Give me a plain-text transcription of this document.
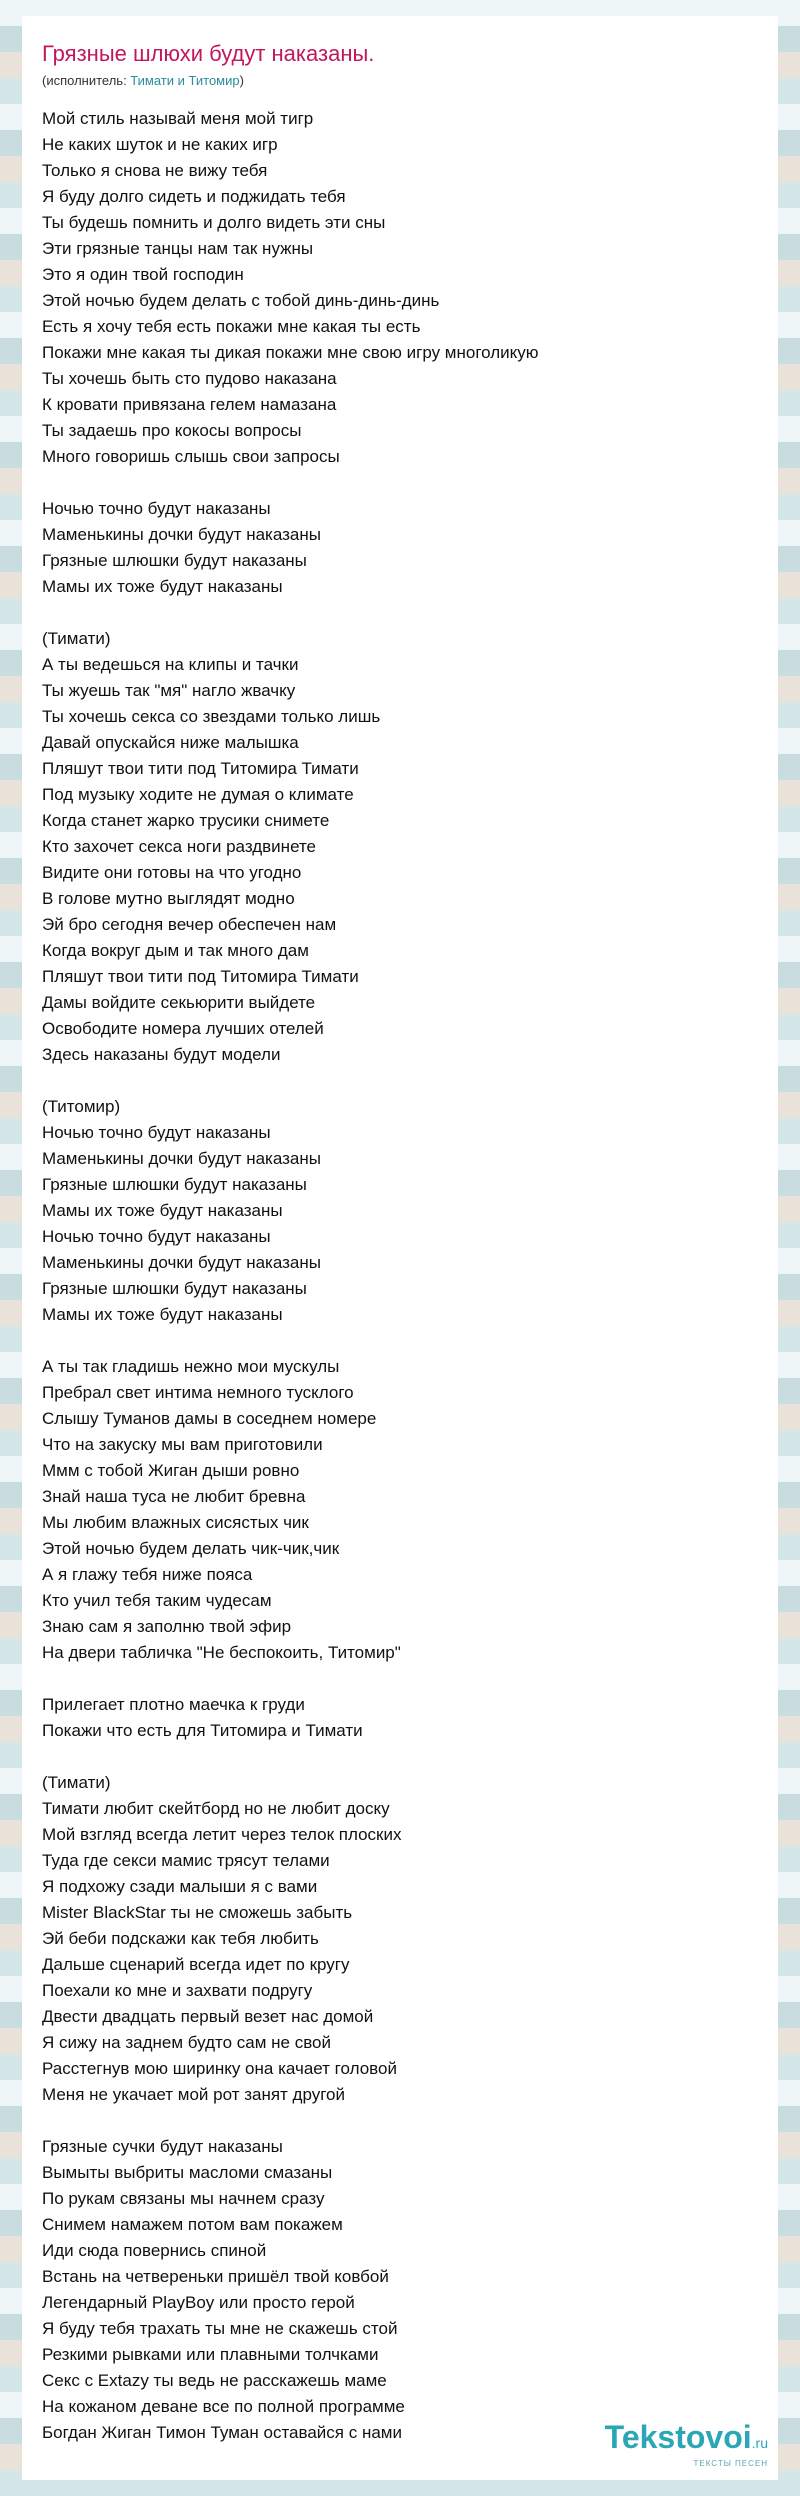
Грязные шлюхи будут наказаны.
(исполнитель: Тимати и Титомир)
Мой стиль называй меня мой тигр
Не каких шуток и не каких игр
Только я снова не вижу тебя
Я буду долго сидеть и поджидать тебя
Ты будешь помнить и долго видеть эти сны
Эти грязные танцы нам так нужны
Это я один твой господин
Этой ночью будем делать с тобой динь-динь-динь
Есть я хочу тебя есть покажи мне какая ты есть
Покажи мне какая ты дикая покажи мне свою игру многоликую
Ты хочешь быть сто пудово наказана
К кровати привязана гелем намазана
Ты задаешь про кокосы вопросы
Много говоришь слышь свои запросы
Ночью точно будут наказаны
Маменькины дочки будут наказаны
Грязные шлюшки будут наказаны
Мамы их тоже будут наказаны
(Тимати)
А ты ведешься на клипы и тачки
Ты жуешь так "мя" нагло жвачку
Ты хочешь секса со звездами только лишь
Давай опускайся ниже малышка
Пляшут твои тити под Титомира Тимати
Под музыку ходите не думая о климате
Когда станет жарко трусики снимете
Кто захочет секса ноги раздвинете
Видите они готовы на что угодно
В голове мутно выглядят модно
Эй бро сегодня вечер обеспечен нам
Когда вокруг дым и так много дам
Пляшут твои тити под Титомира Тимати
Дамы войдите секьюрити выйдете
Освободите номера лучших отелей
Здесь наказаны будут модели
(Титомир)
Ночью точно будут наказаны
Маменькины дочки будут наказаны
Грязные шлюшки будут наказаны
Мамы их тоже будут наказаны
Ночью точно будут наказаны
Маменькины дочки будут наказаны
Грязные шлюшки будут наказаны
Мамы их тоже будут наказаны
А ты так гладишь нежно мои мускулы
Пребрал свет интима немного тусклого
Слышу Туманов дамы в соседнем номере
Что на закуску мы вам приготовили
Ммм с тобой Жиган дыши ровно
Знай наша туса не любит бревна
Мы любим влажных сисястых чик
Этой ночью будем делать чик-чик,чик
А я глажу тебя ниже пояса
Кто учил тебя таким чудесам
Знаю сам я заполню твой эфир
На двери табличка "Не беспокоить, Титомир"
Прилегает плотно маечка к груди
Покажи что есть для Титомира и Тимати
(Тимати)
Тимати любит скейтборд но не любит доску
Мой взгляд всегда летит через телок плоских
Туда где секси мамис трясут телами
Я подхожу сзади малыши я с вами
Mister BlackStar ты не сможешь забыть
Эй беби подскажи как тебя любить
Дальше сценарий всегда идет по кругу
Поехали ко мне и захвати подругу
Двести двадцать первый везет нас домой
Я сижу на заднем будто сам не свой
Расстегнув мою ширинку она качает головой
Меня не укачает мой рот занят другой
Грязные сучки будут наказаны
Вымыты выбриты масломи смазаны
По рукам связаны мы начнем сразу
Снимем намажем потом вам покажем
Иди сюда повернись спиной
Встань на четвереньки пришёл твой ковбой
Легендарный PlayBoy или просто герой
Я буду тебя трахать ты мне не скажешь стой
Резкими рывками или плавными толчками
Секс с Extazy ты ведь не расскажешь маме
На кожаном деване все по полной программе
Богдан Жиган Тимон Туман оставайся с нами	Tekstovoi.ru
ТЕКСТЫ ПЕСЕН
